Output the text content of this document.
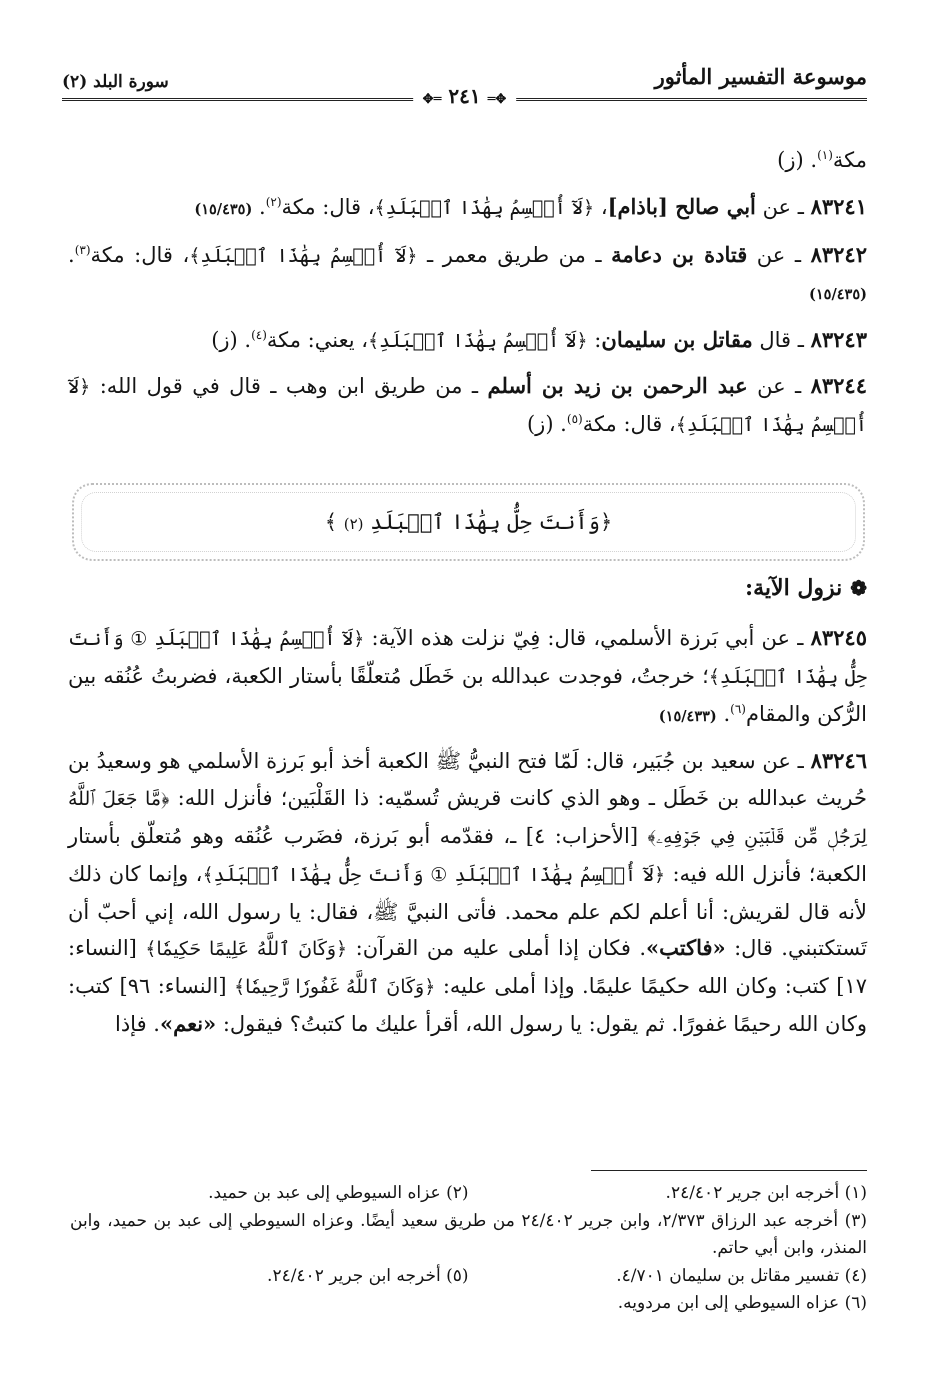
موسوعة التفسير المأثور
✥═ ٢٤١ ═✥
سورة البلد (٢)

مكة$^{(١)}$. (ز)

٨٣٢٤١ ـ عن أبي صالح [باذام]، ﴿لَآ أُقۡسِمُ بِهَٰذَا ٱلۡبَلَدِ﴾، قال: مكة$^{(٢)}$. (١٥/٤٣٥)

٨٣٢٤٢ ـ عن قتادة بن دعامة ـ من طريق معمر ـ ﴿لَآ أُقۡسِمُ بِهَٰذَا ٱلۡبَلَدِ﴾، قال: مكة$^{(٣)}$. (١٥/٤٣٥)

٨٣٢٤٣ ـ قال مقاتل بن سليمان: ﴿لَآ أُقۡسِمُ بِهَٰذَا ٱلۡبَلَدِ﴾، يعني: مكة$^{(٤)}$. (ز)

٨٣٢٤٤ ـ عن عبد الرحمن بن زيد بن أسلم ـ من طريق ابن وهب ـ قال في قول الله: ﴿لَآ أُقۡسِمُ بِهَٰذَا ٱلۡبَلَدِ﴾، قال: مكة$^{(٥)}$. (ز)

﴿وَأَنتَ حِلُّۢ بِهَٰذَا ٱلۡبَلَدِ (٢) ﴾
❁نزول الآية:

٨٣٢٤٥ ـ عن أبي بَرزة الأسلمي، قال: فِيّ نزلت هذه الآية: ﴿لَآ أُقۡسِمُ بِهَٰذَا ٱلۡبَلَدِ ① وَأَنتَ حِلُّۢ بِهَٰذَا ٱلۡبَلَدِ﴾؛ خرجتُ، فوجدت عبدالله بن خَطَل مُتعلّقًا بأستار الكعبة، فضربتُ عُنُقه بين الرُّكن والمقام$^{(٦)}$. (١٥/٤٣٣)

٨٣٢٤٦ ـ عن سعيد بن جُبَير، قال: لَمّا فتح النبيُّ ﷺ الكعبة أخذ أبو بَرزة الأسلمي هو وسعيدُ بن حُريث عبدالله بن خَطَل ـ وهو الذي كانت قريش تُسمّيه: ذا القَلْبَين؛ فأنزل الله: ﴿مَّا جَعَلَ ٱللَّهُ لِرَجُلٖ مِّن قَلۡبَيۡنِ فِي جَوۡفِهِۦ﴾ [الأحزاب: ٤] ـ، فقدّمه أبو بَرزة، فضَرب عُنُقه وهو مُتعلّق بأستار الكعبة؛ فأنزل الله فيه: ﴿لَآ أُقۡسِمُ بِهَٰذَا ٱلۡبَلَدِ ① وَأَنتَ حِلُّۢ بِهَٰذَا ٱلۡبَلَدِ﴾، وإنما كان ذلك لأنه قال لقريش: أنا أعلم لكم علم محمد. فأتى النبيَّ ﷺ، فقال: يا رسول الله، إني أحبّ أن تَستكتبني. قال: «فاكتب». فكان إذا أملى عليه من القرآن: ﴿وَكَانَ ٱللَّهُ عَلِيمًا حَكِيمٗا﴾ [النساء: ١٧] كتب: وكان الله حكيمًا عليمًا. وإذا أملى عليه: ﴿وَكَانَ ٱللَّهُ غَفُورٗا رَّحِيمٗا﴾ [النساء: ٩٦] كتب: وكان الله رحيمًا غفورًا. ثم يقول: يا رسول الله، أقرأ عليك ما كتبتُ؟ فيقول: «نعم». فإذا

(١) أخرجه ابن جرير ٢٤/٤٠٢.
(٢) عزاه السيوطي إلى عبد بن حميد.
(٣) أخرجه عبد الرزاق ٢/٣٧٣، وابن جرير ٢٤/٤٠٢ من طريق سعيد أيضًا. وعزاه السيوطي إلى عبد بن حميد، وابن المنذر، وابن أبي حاتم.
(٤) تفسير مقاتل بن سليمان ٤/٧٠١.
(٥) أخرجه ابن جرير ٢٤/٤٠٢.
(٦) عزاه السيوطي إلى ابن مردويه.
